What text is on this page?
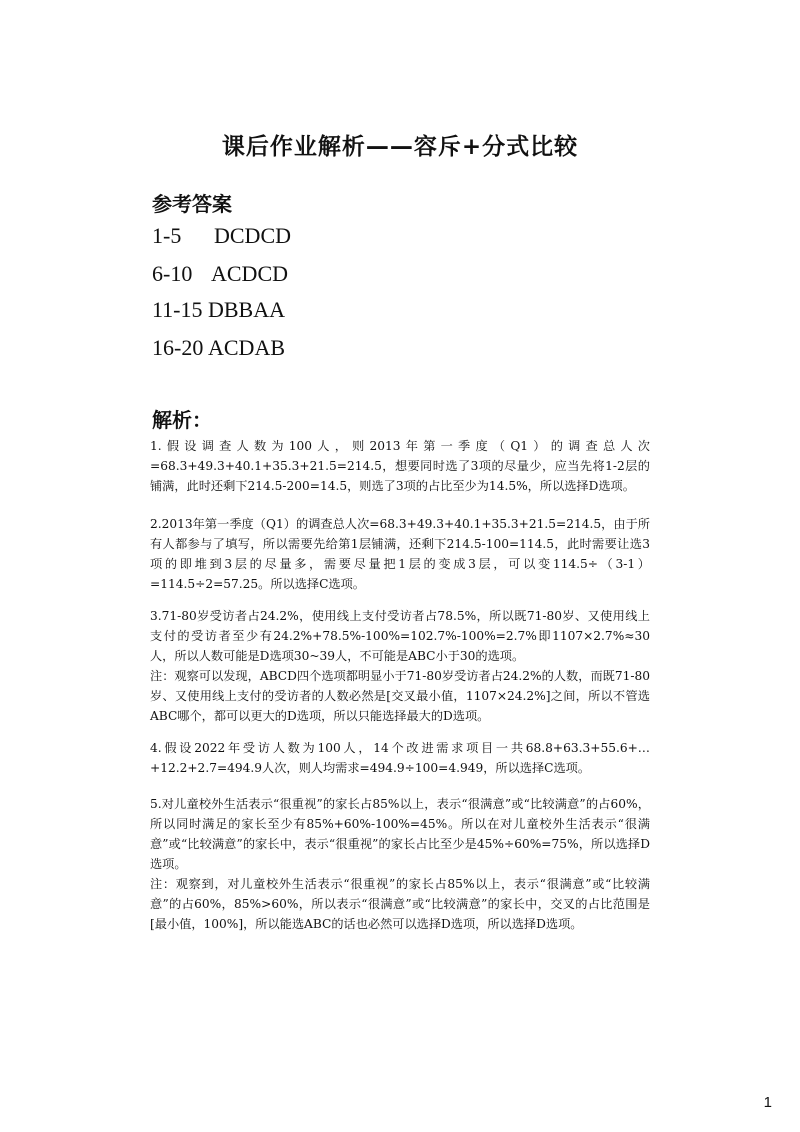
课后作业解析——容斥+分式比较
参考答案
1-5 DCDCD
6-10 ACDCD
11-15 DBBAA
16-20 ACDAB
解析：

1.假设调查人数为100人，则2013年第一季度（Q1）的调查总人次=68.3+49.3+40.1+35.3+21.5=214.5，想要同时选了3项的尽量少，应当先将1-2层的铺满，此时还剩下214.5-200=14.5，则选了3项的占比至少为14.5%，所以选择D选项。

2.2013年第一季度（Q1）的调查总人次=68.3+49.3+40.1+35.3+21.5=214.5，由于所有人都参与了填写，所以需要先给第1层铺满，还剩下214.5-100=114.5，此时需要让选3项的即堆到3层的尽量多，需要尽量把1层的变成3层，可以变114.5÷（3-1）=114.5÷2=57.25。所以选择C选项。

3.71-80岁受访者占24.2%，使用线上支付受访者占78.5%，所以既71-80岁、又使用线上支付的受访者至少有24.2%+78.5%-100%=102.7%-100%=2.7%即1107×2.7%≈30人，所以人数可能是D选项30~39人，不可能是ABC小于30的选项。

注：观察可以发现，ABCD四个选项都明显小于71-80岁受访者占24.2%的人数，而既71-80岁、又使用线上支付的受访者的人数必然是[交叉最小值，1107×24.2%]之间，所以不管选ABC哪个，都可以更大的D选项，所以只能选择最大的D选项。

4.假设2022年受访人数为100人，14个改进需求项目一共68.8+63.3+55.6+…+12.2+2.7=494.9人次，则人均需求=494.9÷100=4.949，所以选择C选项。

5.对儿童校外生活表示“很重视”的家长占85%以上，表示“很满意”或“比较满意”的占60%，所以同时满足的家长至少有85%+60%-100%=45%。所以在对儿童校外生活表示“很满意”或“比较满意”的家长中，表示“很重视”的家长占比至少是45%÷60%=75%，所以选择D选项。

注：观察到，对儿童校外生活表示“很重视”的家长占85%以上，表示“很满意”或“比较满意”的占60%，85%>60%，所以表示“很满意”或“比较满意”的家长中，交叉的占比范围是[最小值，100%]，所以能选ABC的话也必然可以选择D选项，所以选择D选项。

1
